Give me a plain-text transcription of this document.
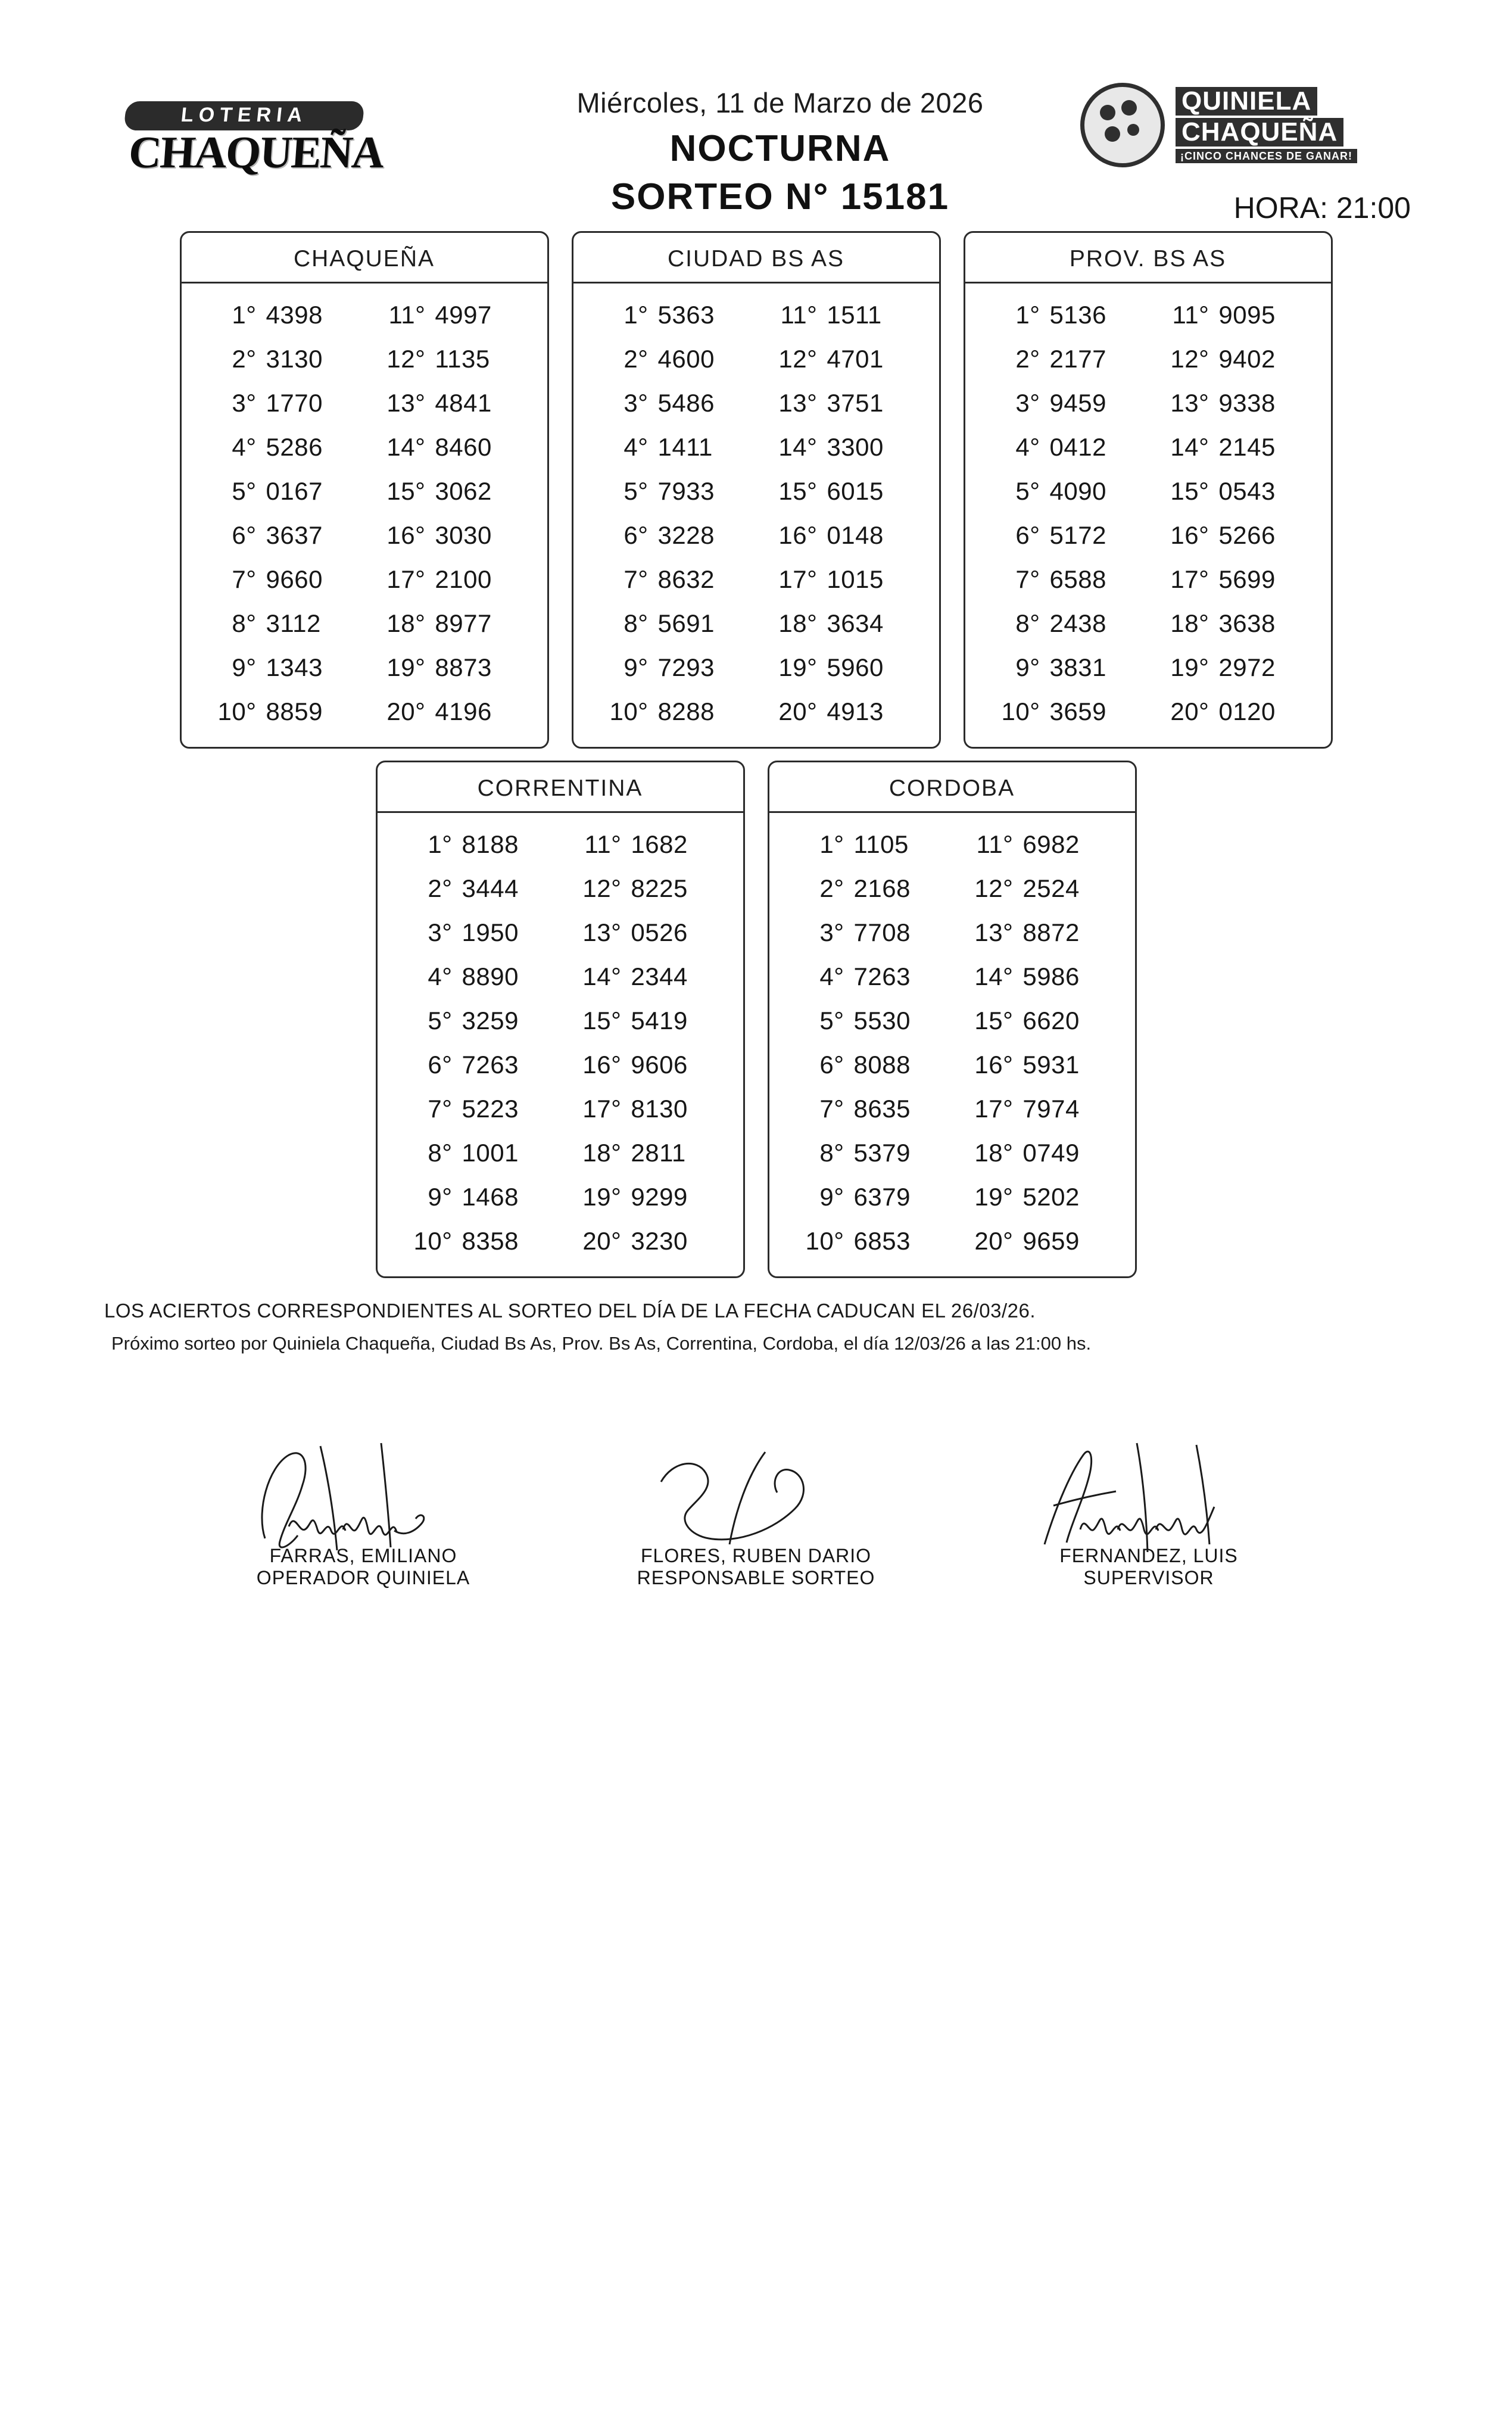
LOTERIA
CHAQUEÑA
Miércoles, 11 de Marzo de 2026
NOCTURNA
SORTEO N° 15181
QUINIELA
CHAQUEÑA
¡CINCO CHANCES DE GANAR!
HORA: 21:00
CHAQUEÑA
1° 4398	11° 4997
2° 3130	12° 1135
3° 1770	13° 4841
4° 5286	14° 8460
5° 0167	15° 3062
6° 3637	16° 3030
7° 9660	17° 2100
8° 3112	18° 8977
9° 1343	19° 8873
10° 8859	20° 4196
CIUDAD BS AS
1° 5363	11° 1511
2° 4600	12° 4701
3° 5486	13° 3751
4° 1411	14° 3300
5° 7933	15° 6015
6° 3228	16° 0148
7° 8632	17° 1015
8° 5691	18° 3634
9° 7293	19° 5960
10° 8288	20° 4913
PROV. BS AS
1° 5136	11° 9095
2° 2177	12° 9402
3° 9459	13° 9338
4° 0412	14° 2145
5° 4090	15° 0543
6° 5172	16° 5266
7° 6588	17° 5699
8° 2438	18° 3638
9° 3831	19° 2972
10° 3659	20° 0120
CORRENTINA
1° 8188	11° 1682
2° 3444	12° 8225
3° 1950	13° 0526
4° 8890	14° 2344
5° 3259	15° 5419
6° 7263	16° 9606
7° 5223	17° 8130
8° 1001	18° 2811
9° 1468	19° 9299
10° 8358	20° 3230
CORDOBA
1° 1105	11° 6982
2° 2168	12° 2524
3° 7708	13° 8872
4° 7263	14° 5986
5° 5530	15° 6620
6° 8088	16° 5931
7° 8635	17° 7974
8° 5379	18° 0749
9° 6379	19° 5202
10° 6853	20° 9659
LOS ACIERTOS CORRESPONDIENTES AL SORTEO DEL DÍA DE LA FECHA CADUCAN EL 26/03/26.
Próximo sorteo por Quiniela Chaqueña, Ciudad Bs As, Prov. Bs As, Correntina, Cordoba, el día 12/03/26 a las 21:00 hs.
FARRAS, EMILIANO
OPERADOR QUINIELA
FLORES, RUBEN DARIO
RESPONSABLE SORTEO
FERNANDEZ, LUIS
SUPERVISOR
